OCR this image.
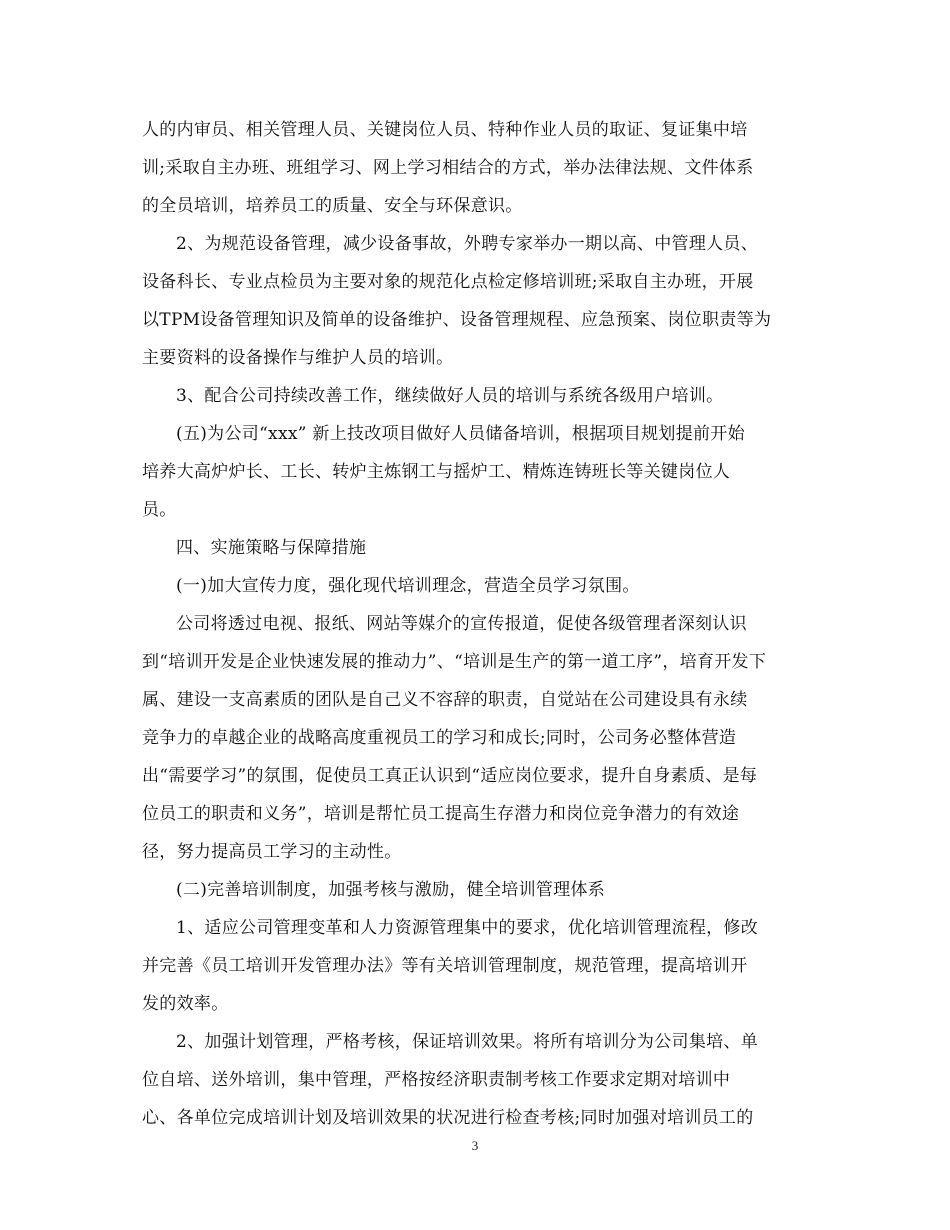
人的内审员、相关管理人员、关键岗位人员、特种作业人员的取证、复证集中培
训;采取自主办班、班组学习、网上学习相结合的方式，举办法律法规、文件体系
的全员培训，培养员工的质量、安全与环保意识。
2、为规范设备管理，减少设备事故，外聘专家举办一期以高、中管理人员、
设备科长、专业点检员为主要对象的规范化点检定修培训班;采取自主办班，开展
以TPM设备管理知识及简单的设备维护、设备管理规程、应急预案、岗位职责等为
主要资料的设备操作与维护人员的培训。
3、配合公司持续改善工作，继续做好人员的培训与系统各级用户培训。
(五)为公司“xxx” 新上技改项目做好人员储备培训，根据项目规划提前开始
培养大高炉炉长、工长、转炉主炼钢工与摇炉工、精炼连铸班长等关键岗位人
员。
四、实施策略与保障措施
(一)加大宣传力度，强化现代培训理念，营造全员学习氛围。
公司将透过电视、报纸、网站等媒介的宣传报道，促使各级管理者深刻认识
到“培训开发是企业快速发展的推动力”、“培训是生产的第一道工序”，培育开发下
属、建设一支高素质的团队是自己义不容辞的职责，自觉站在公司建设具有永续
竞争力的卓越企业的战略高度重视员工的学习和成长;同时，公司务必整体营造
出“需要学习”的氛围，促使员工真正认识到“适应岗位要求，提升自身素质、是每
位员工的职责和义务”，培训是帮忙员工提高生存潜力和岗位竞争潜力的有效途
径，努力提高员工学习的主动性。
(二)完善培训制度，加强考核与激励，健全培训管理体系
1、适应公司管理变革和人力资源管理集中的要求，优化培训管理流程，修改
并完善《员工培训开发管理办法》等有关培训管理制度，规范管理，提高培训开
发的效率。
2、加强计划管理，严格考核，保证培训效果。将所有培训分为公司集培、单
位自培、送外培训，集中管理，严格按经济职责制考核工作要求定期对培训中
心、各单位完成培训计划及培训效果的状况进行检查考核;同时加强对培训员工的
3
